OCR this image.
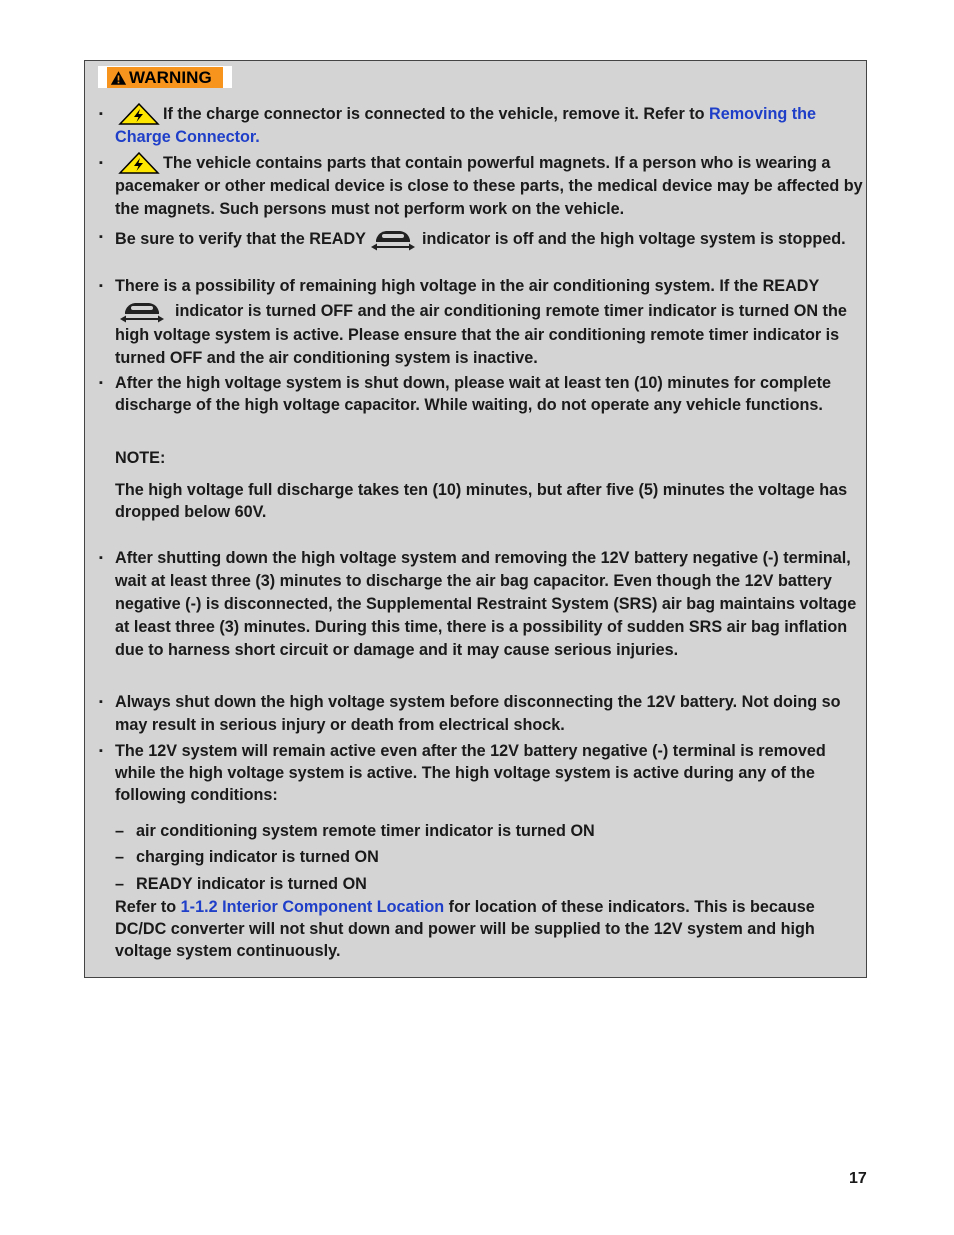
WARNING
▪	If the charge connector is connected to the vehicle, remove it. Refer to Removing the Charge Connector.
▪	The vehicle contains parts that contain powerful magnets. If a person who is wearing a pacemaker or other medical device is close to these parts, the medical device may be affected by the magnets. Such persons must not perform work on the vehicle.
▪ Be sure to verify that the READY	indicator is off and the high voltage system is stopped.
▪ There is a possibility of remaining high voltage in the air conditioning system. If the READYindicator is turned OFF and the air conditioning remote timer indicator is turned ON the high voltage system is active. Please ensure that the air conditioning remote timer indicator is turned OFF and the air conditioning system is inactive.
▪ After the high voltage system is shut down, please wait at least ten (10) minutes for complete discharge of the high voltage capacitor. While waiting, do not operate any vehicle functions.
NOTE:
The high voltage full discharge takes ten (10) minutes, but after five (5) minutes the voltage has dropped below 60V.
▪ After shutting down the high voltage system and removing the 12V battery negative (-) terminal, wait at least three (3) minutes to discharge the air bag capacitor. Even though the 12V battery negative (-) is disconnected, the Supplemental Restraint System (SRS) air bag maintains voltage at least three (3) minutes. During this time, there is a possibility of sudden SRS air bag inflation due to harness short circuit or damage and it may cause serious injuries.
▪ Always shut down the high voltage system before disconnecting the 12V battery. Not doing so may result in serious injury or death from electrical shock.
▪ The 12V system will remain active even after the 12V battery negative (-) terminal is removed while the high voltage system is active. The high voltage system is active during any of the following conditions:
– air conditioning system remote timer indicator is turned ON
– charging indicator is turned ON
– READY indicator is turned ON
Refer to 1-1.2 Interior Component Location for location of these indicators. This is because DC/DC converter will not shut down and power will be supplied to the 12V system and high voltage system continuously.
17
